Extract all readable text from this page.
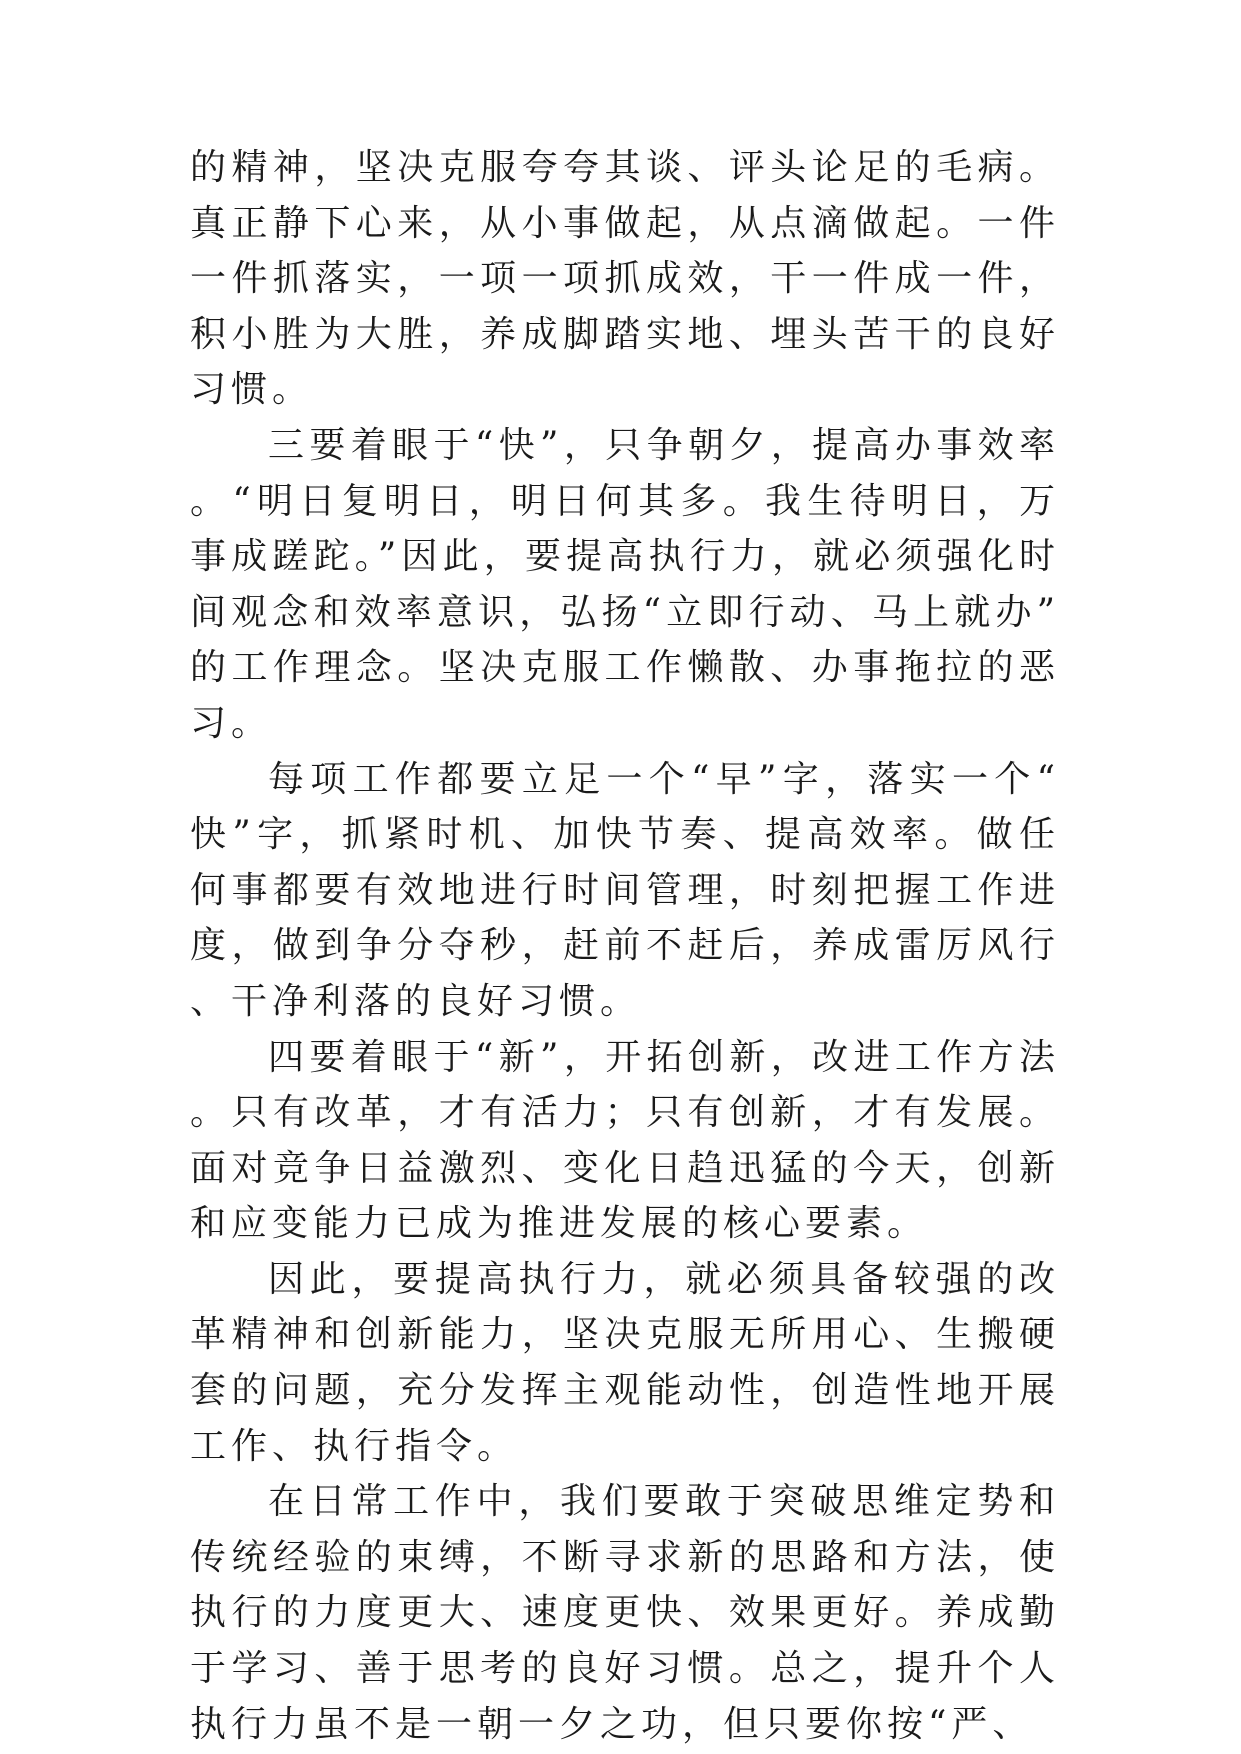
的精神，坚决克服夸夸其谈、评头论足的毛病。真正静下心来，从小事做起，从点滴做起。一件一件抓落实，一项一项抓成效，干一件成一件，积小胜为大胜，养成脚踏实地、埋头苦干的良好习惯。

三要着眼于“快”，只争朝夕，提高办事效率。“明日复明日，明日何其多。我生待明日，万事成蹉跎。”因此，要提高执行力，就必须强化时间观念和效率意识，弘扬“立即行动、马上就办”的工作理念。坚决克服工作懒散、办事拖拉的恶习。

每项工作都要立足一个“早”字，落实一个“快”字，抓紧时机、加快节奏、提高效率。做任何事都要有效地进行时间管理，时刻把握工作进度，做到争分夺秒，赶前不赶后，养成雷厉风行、干净利落的良好习惯。

四要着眼于“新”，开拓创新，改进工作方法。只有改革，才有活力；只有创新，才有发展。面对竞争日益激烈、变化日趋迅猛的今天，创新和应变能力已成为推进发展的核心要素。

因此，要提高执行力，就必须具备较强的改革精神和创新能力，坚决克服无所用心、生搬硬套的问题，充分发挥主观能动性，创造性地开展工作、执行指令。

在日常工作中，我们要敢于突破思维定势和传统经验的束缚，不断寻求新的思路和方法，使执行的力度更大、速度更快、效果更好。养成勤于学习、善于思考的良好习惯。总之，提升个人执行力虽不是一朝一夕之功，但只要你按“严、
